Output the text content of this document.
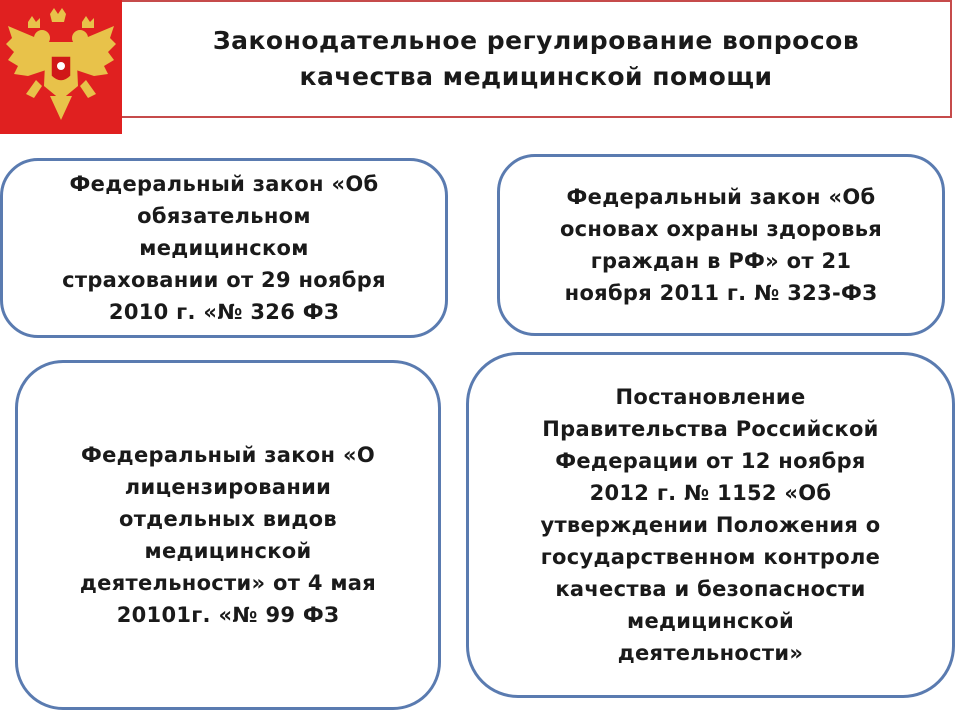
Законодательное регулирование вопросов
качества медицинской помощи
Федеральный закон «Об
обязательном
медицинском
страховании от 29 ноября
2010 г. «№ 326 ФЗ
Федеральный закон «Об
основах охраны здоровья
граждан в РФ» от 21
ноября 2011 г. № 323-ФЗ
Федеральный закон «О
лицензировании
отдельных видов
медицинской
деятельности» от 4 мая
20101г. «№ 99 ФЗ
Постановление
Правительства Российской
Федерации от 12 ноября
2012 г. № 1152 «Об
утверждении Положения о
государственном контроле
качества и безопасности
медицинской
деятельности»
